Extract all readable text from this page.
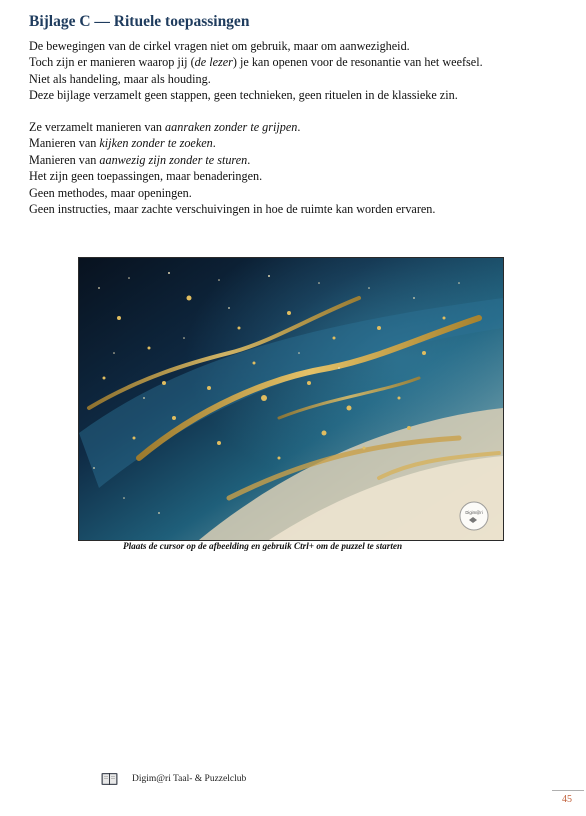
Bijlage C — Rituele toepassingen
De bewegingen van de cirkel vragen niet om gebruik, maar om aanwezigheid.
Toch zijn er manieren waarop jij (de lezer) je kan openen voor de resonantie van het weefsel.
Niet als handeling, maar als houding.
Deze bijlage verzamelt geen stappen, geen technieken, geen rituelen in de klassieke zin.
Ze verzamelt manieren van aanraken zonder te grijpen.
Manieren van kijken zonder te zoeken.
Manieren van aanwezig zijn zonder te sturen.
Het zijn geen toepassingen, maar benaderingen.
Geen methodes, maar openingen.
Geen instructies, maar zachte verschuivingen in hoe de ruimte kan worden ervaren.
Digim@ri
Plaats de cursor op de afbeelding en gebruik Ctrl+ om de puzzel te starten
Digim@ri Taal- & Puzzelclub
45
